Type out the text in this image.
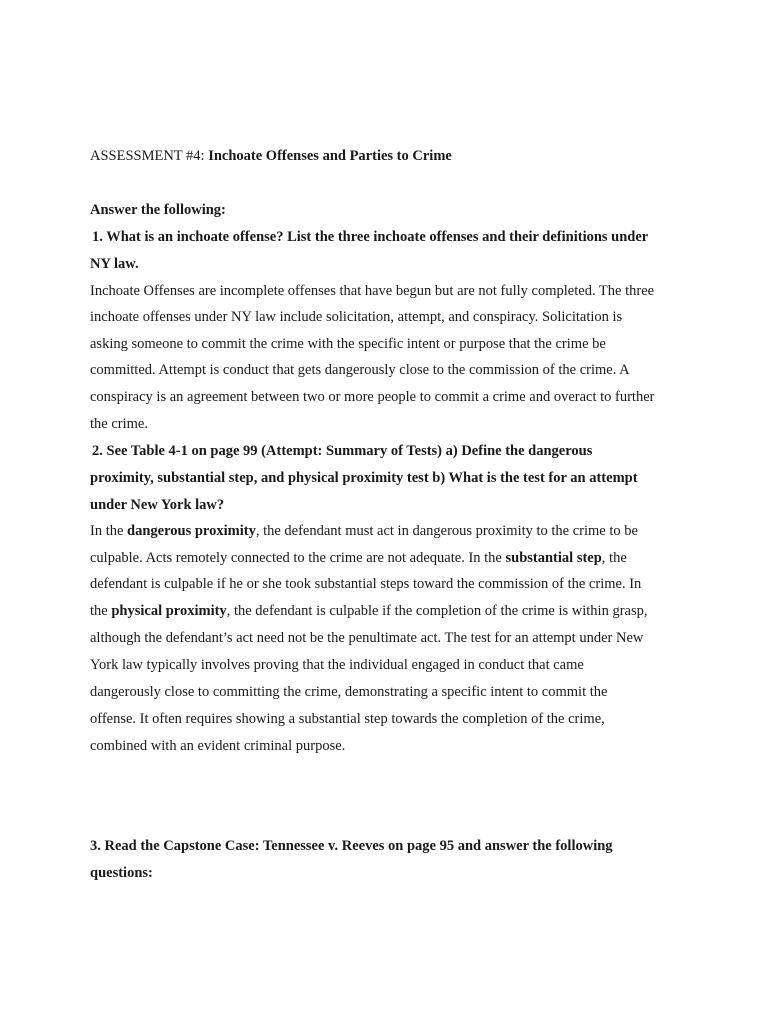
ASSESSMENT #4: Inchoate Offenses and Parties to Crime
Answer the following:
1. What is an inchoate offense? List the three inchoate offenses and their definitions under
NY law.
Inchoate Offenses are incomplete offenses that have begun but are not fully completed. The three
inchoate offenses under NY law include solicitation, attempt, and conspiracy. Solicitation is
asking someone to commit the crime with the specific intent or purpose that the crime be
committed. Attempt is conduct that gets dangerously close to the commission of the crime. A
conspiracy is an agreement between two or more people to commit a crime and overact to further
the crime.
2. See Table 4-1 on page 99 (Attempt: Summary of Tests) a) Define the dangerous
proximity, substantial step, and physical proximity test b) What is the test for an attempt
under New York law?
In the dangerous proximity, the defendant must act in dangerous proximity to the crime to be
culpable. Acts remotely connected to the crime are not adequate. In the substantial step, the
defendant is culpable if he or she took substantial steps toward the commission of the crime. In
the physical proximity, the defendant is culpable if the completion of the crime is within grasp,
although the defendant’s act need not be the penultimate act. The test for an attempt under New
York law typically involves proving that the individual engaged in conduct that came
dangerously close to committing the crime, demonstrating a specific intent to commit the
offense. It often requires showing a substantial step towards the completion of the crime,
combined with an evident criminal purpose.
3. Read the Capstone Case: Tennessee v. Reeves on page 95 and answer the following
questions:
